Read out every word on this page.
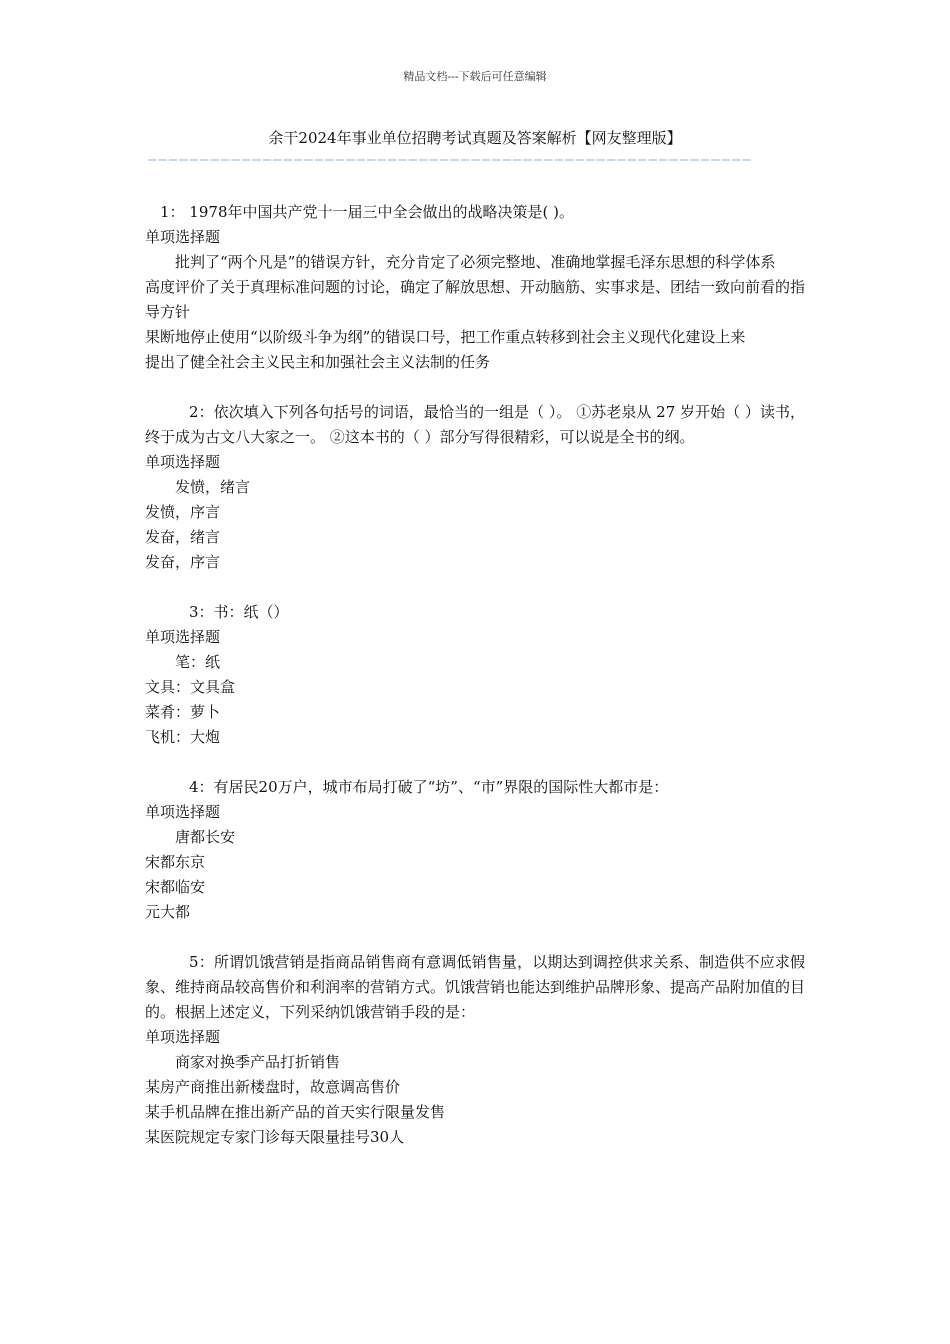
精品文档---下载后可任意编辑
余干2024年事业单位招聘考试真题及答案解析【网友整理版】
——————————————————————————————————————————————————————————

1： 1978年中国共产党十一届三中全会做出的战略决策是( )。

单项选择题

批判了“两个凡是”的错误方针，充分肯定了必须完整地、准确地掌握毛泽东思想的科学体系

高度评价了关于真理标准问题的讨论，确定了解放思想、开动脑筋、实事求是、团结一致向前看的指导方针

果断地停止使用“以阶级斗争为纲”的错误口号，把工作重点转移到社会主义现代化建设上来

提出了健全社会主义民主和加强社会主义法制的任务

2：依次填入下列各句括号的词语，最恰当的一组是（ ）。 ①苏老泉从 27 岁开始（ ）读书，终于成为古文八大家之一。 ②这本书的（ ）部分写得很精彩，可以说是全书的纲。

单项选择题

发愤，绪言

发愤，序言

发奋，绪言

发奋，序言

3：书：纸（）

单项选择题

笔：纸

文具：文具盒

菜肴：萝卜

飞机：大炮

4：有居民20万户，城市布局打破了“坊”、“市”界限的国际性大都市是：

单项选择题

唐都长安

宋都东京

宋都临安

元大都

5：所谓饥饿营销是指商品销售商有意调低销售量，以期达到调控供求关系、制造供不应求假象、维持商品较高售价和利润率的营销方式。饥饿营销也能达到维护品牌形象、提高产品附加值的目的。根据上述定义，下列采纳饥饿营销手段的是：

单项选择题

商家对换季产品打折销售

某房产商推出新楼盘时，故意调高售价

某手机品牌在推出新产品的首天实行限量发售

某医院规定专家门诊每天限量挂号30人
